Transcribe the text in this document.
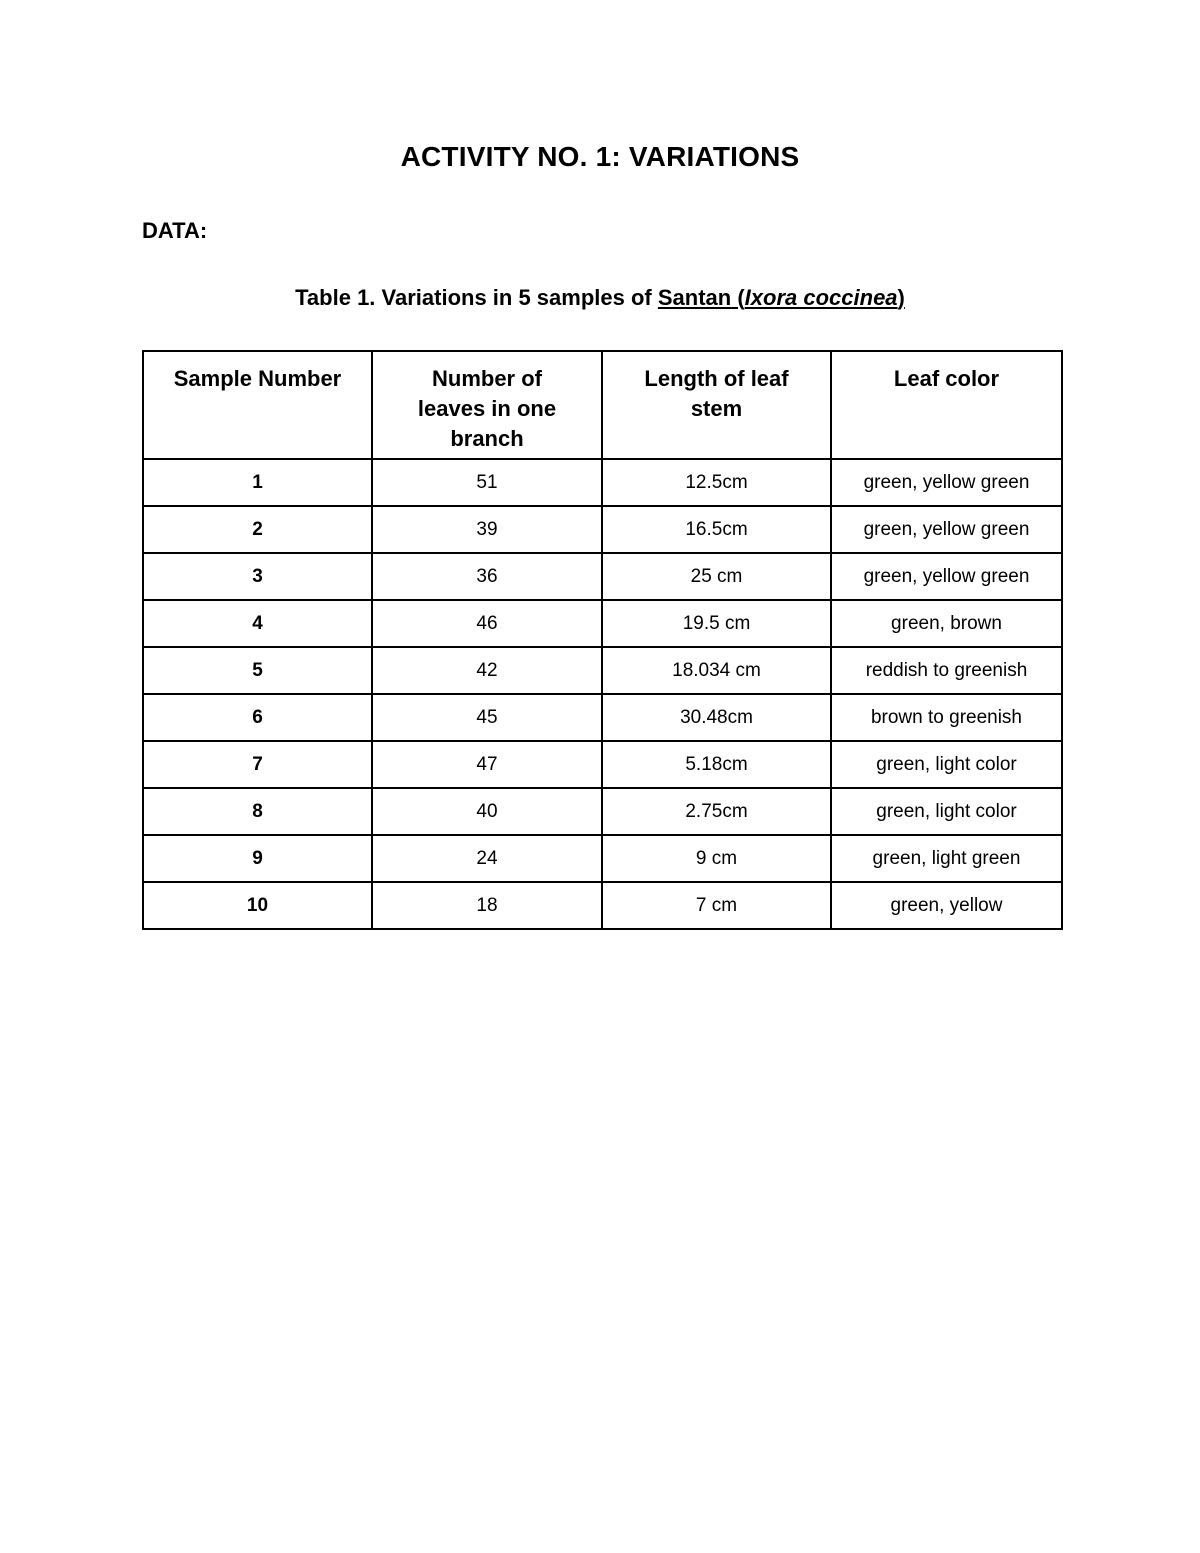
ACTIVITY NO. 1: VARIATIONS

DATA:

Table 1. Variations in 5 samples of Santan (Ixora coccinea)

Sample Number	Number of leaves in one branch	Length of leaf stem	Leaf color
1	51	12.5cm	green, yellow green
2	39	16.5cm	green, yellow green
3	36	25 cm	green, yellow green
4	46	19.5 cm	green, brown
5	42	18.034 cm	reddish to greenish
6	45	30.48cm	brown to greenish
7	47	5.18cm	green, light color
8	40	2.75cm	green, light color
9	24	9 cm	green, light green
10	18	7 cm	green, yellow
